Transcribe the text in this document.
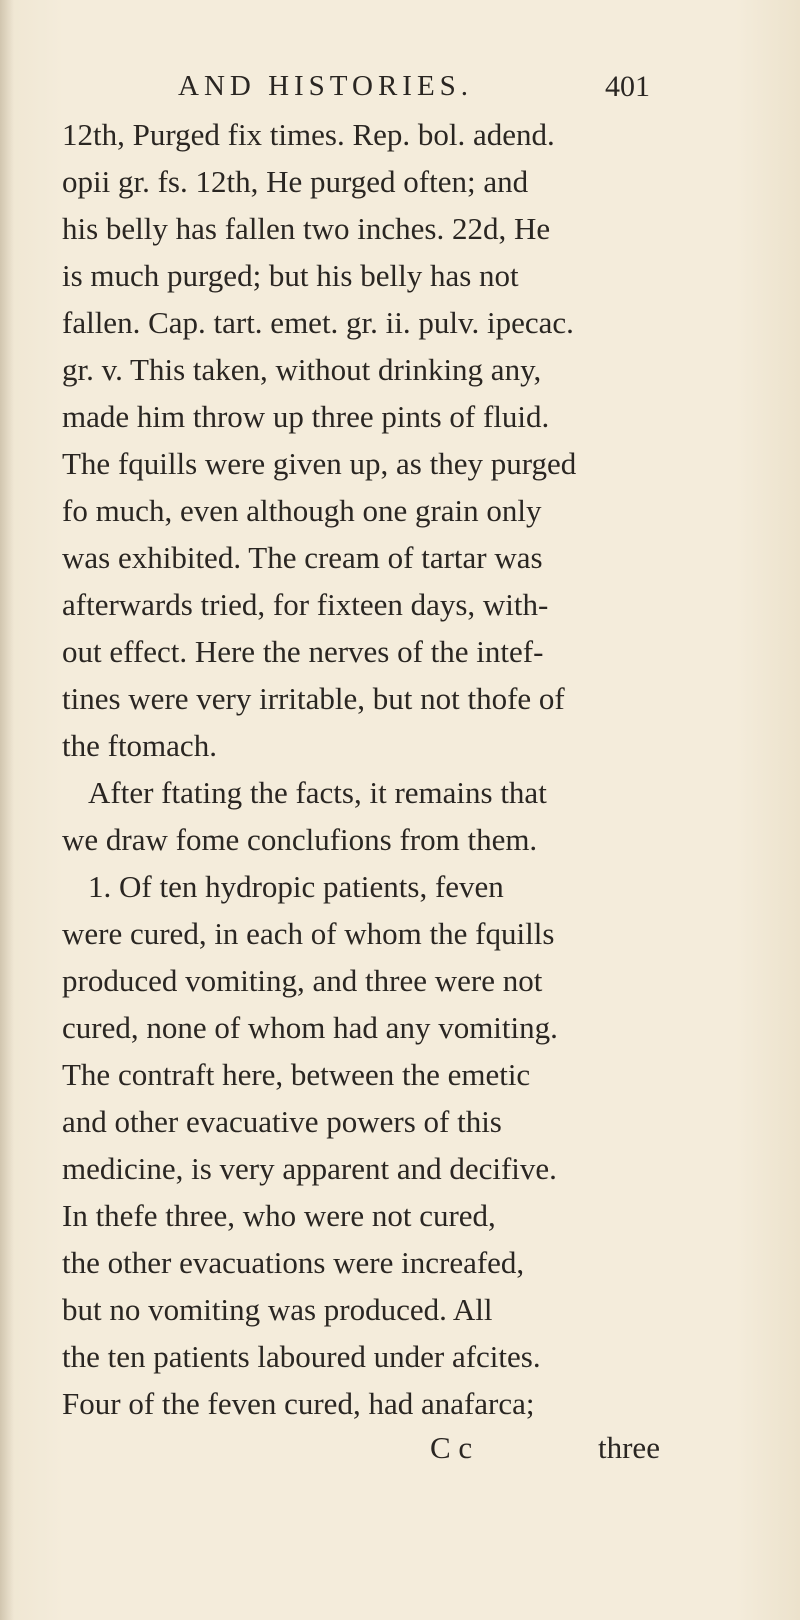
AND HISTORIES.	401
12th, Purged fix times. Rep. bol. adend.
opii gr. fs. 12th, He purged often; and
his belly has fallen two inches. 22d, He
is much purged; but his belly has not
fallen. Cap. tart. emet. gr. ii. pulv. ipecac.
gr. v. This taken, without drinking any,
made him throw up three pints of fluid.
The fquills were given up, as they purged
fo much, even although one grain only
was exhibited. The cream of tartar was
afterwards tried, for fixteen days, with-
out effect. Here the nerves of the intef-
tines were very irritable, but not thofe of
the ftomach.
After ftating the facts, it remains that
we draw fome conclufions from them.
1. Of ten hydropic patients, feven
were cured, in each of whom the fquills
produced vomiting, and three were not
cured, none of whom had any vomiting.
The contraft here, between the emetic
and other evacuative powers of this
medicine, is very apparent and decifive.
In thefe three, who were not cured,
the other evacuations were increafed,
but no vomiting was produced. All
the ten patients laboured under afcites.
Four of the feven cured, had anafarca;
C c	three
